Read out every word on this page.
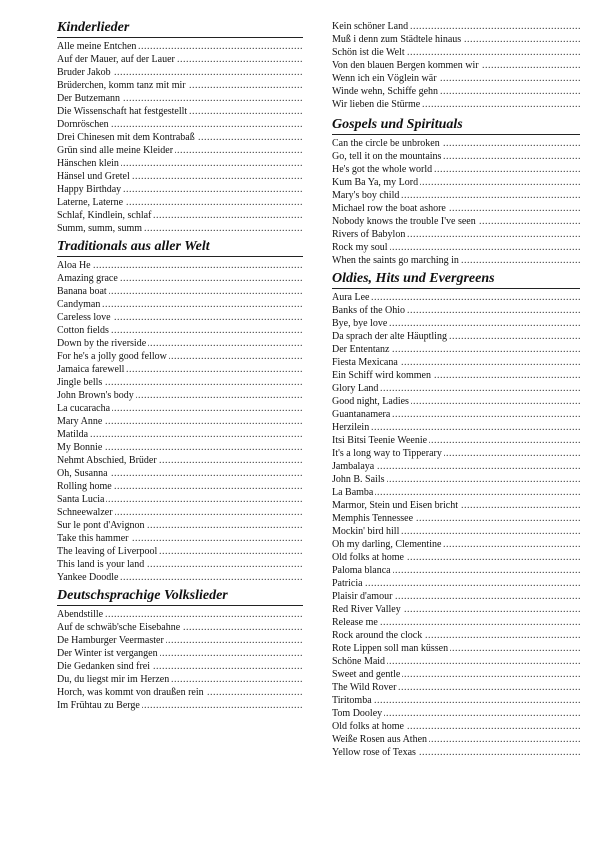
Kinderlieder
Alle meine Entchen .....
Auf der Mauer, auf der Lauer .....
Bruder Jakob .....
Brüderchen, komm tanz mit mir .....
Der Butzemann .....
Die Wissenschaft hat festgestellt .....
Dornröschen .....
Drei Chinesen mit dem Kontrabaß .....
Grün sind alle meine Kleider .....
Hänschen klein .....
Hänsel und Gretel .....
Happy Birthday .....
Laterne, Laterne .....
Schlaf, Kindlein, schlaf .....
Summ, summ, summ .....
Traditionals aus aller Welt
Aloa He .....
Amazing grace .....
Banana boat .....
Candyman .....
Careless love .....
Cotton fields .....
Down by the riverside .....
For he's a jolly good fellow .....
Jamaica farewell .....
Jingle bells .....
John Brown's body .....
La cucaracha .....
Mary Anne .....
Matilda .....
My Bonnie .....
Nehmt Abschied, Brüder .....
Oh, Susanna .....
Rolling home .....
Santa Lucia .....
Schneewalzer .....
Sur le pont d'Avignon .....
Take this hammer .....
The leaving of Liverpool .....
This land is your land .....
Yankee Doodle .....
Deutschsprachige Volkslieder
Abendstille .....
Auf de schwäb'sche Eisebahne .....
De Hamburger Veermaster .....
Der Winter ist vergangen .....
Die Gedanken sind frei .....
Du, du liegst mir im Herzen .....
Horch, was kommt von draußen rein .....
Im Frühtau zu Berge .....
Kein schöner Land .....
Muß i denn zum Städtele hinaus .....
Schön ist die Welt .....
Von den blauen Bergen kommen wir .....
Wenn ich ein Vöglein wär .....
Winde wehn, Schiffe gehn .....
Wir lieben die Stürme .....
Gospels und Spirituals
Can the circle be unbroken .....
Go, tell it on the mountains .....
He's got the whole world .....
Kum Ba Ya, my Lord .....
Mary's boy child .....
Michael row the boat ashore .....
Nobody knows the trouble I've seen .....
Rivers of Babylon .....
Rock my soul .....
When the saints go marching in .....
Oldies, Hits und Evergreens
Aura Lee .....
Banks of the Ohio .....
Bye, bye love .....
Da sprach der alte Häuptling .....
Der Ententanz .....
Fiesta Mexicana .....
Ein Schiff wird kommen .....
Glory Land .....
Good night, Ladies .....
Guantanamera .....
Herzilein .....
Itsi Bitsi Teenie Weenie .....
It's a long way to Tipperary .....
Jambalaya .....
John B. Sails .....
La Bamba .....
Marmor, Stein und Eisen bricht .....
Memphis Tennessee .....
Mockin' bird hill .....
Oh my darling, Clementine .....
Old folks at home .....
Paloma blanca .....
Patricia .....
Plaisir d'amour .....
Red River Valley .....
Release me .....
Rock around the clock .....
Rote Lippen soll man küssen .....
Schöne Maid .....
Sweet and gentle .....
The Wild Rover .....
Tiritomba .....
Tom Dooley .....
Old folks at home .....
Weiße Rosen aus Athen .....
Yellow rose of Texas .....
